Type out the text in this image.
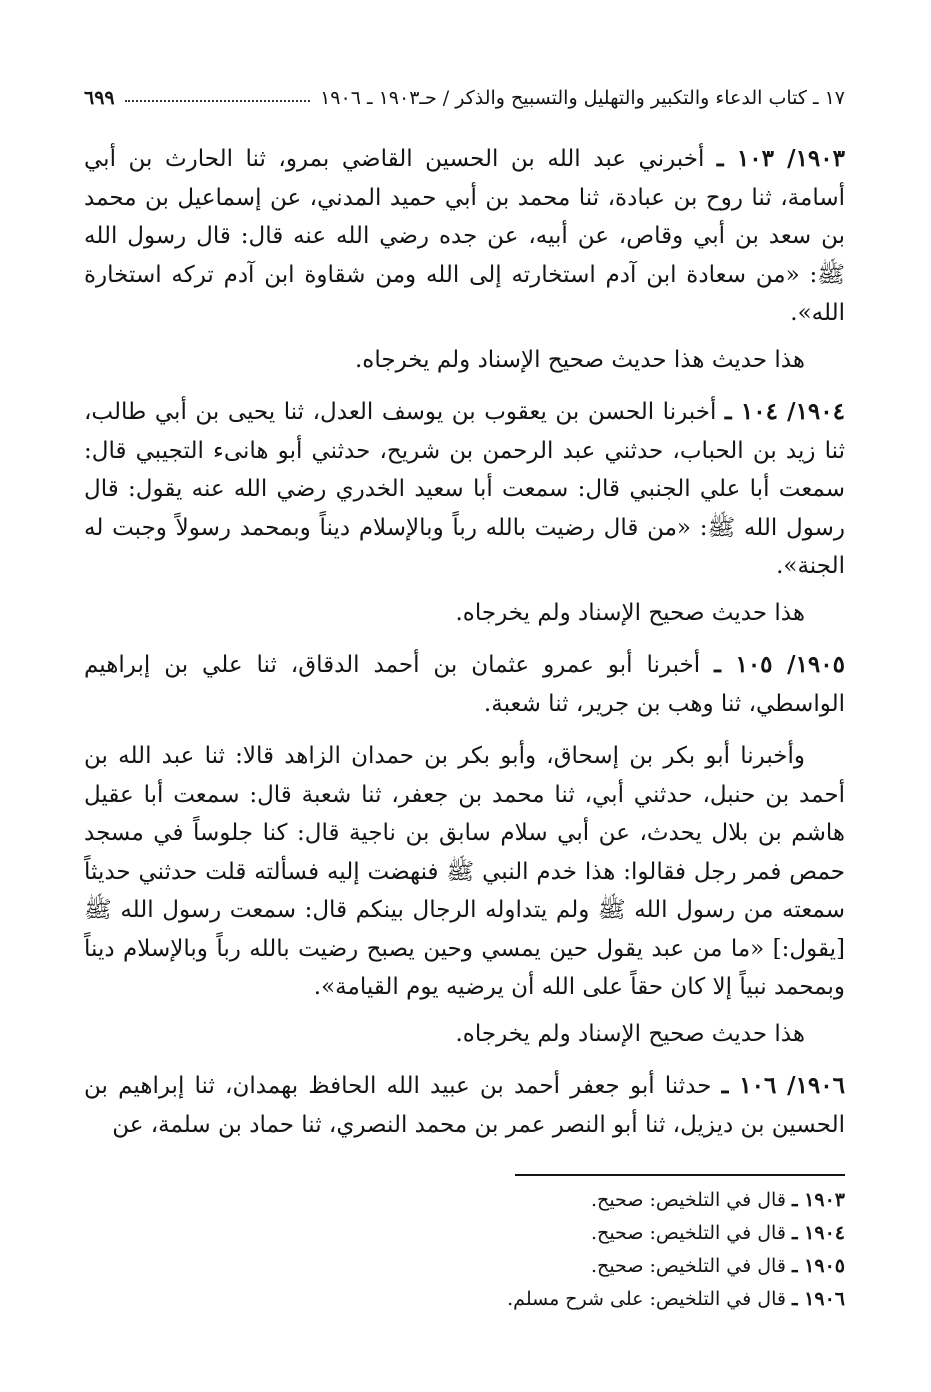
١٧ ـ كتاب الدعاء والتكبير والتهليل والتسبيح والذكر / حـ١٩٠٣ ـ ١٩٠٦
٦٩٩

١٩٠٣/ ١٠٣ ـ أخبرني عبد الله بن الحسين القاضي بمرو، ثنا الحارث بن أبي أسامة، ثنا روح بن عبادة، ثنا محمد بن أبي حميد المدني، عن إسماعيل بن محمد بن سعد بن أبي وقاص، عن أبيه، عن جده رضي الله عنه قال: قال رسول الله ﷺ: «من سعادة ابن آدم استخارته إلى الله ومن شقاوة ابن آدم تركه استخارة الله».

هذا حديث هذا حديث صحيح الإسناد ولم يخرجاه.

١٩٠٤/ ١٠٤ ـ أخبرنا الحسن بن يعقوب بن يوسف العدل، ثنا يحيى بن أبي طالب، ثنا زيد بن الحباب، حدثني عبد الرحمن بن شريح، حدثني أبو هانىء التجيبي قال: سمعت أبا علي الجنبي قال: سمعت أبا سعيد الخدري رضي الله عنه يقول: قال رسول الله ﷺ: «من قال رضيت بالله رباً وبالإسلام ديناً وبمحمد رسولاً وجبت له الجنة».

هذا حديث صحيح الإسناد ولم يخرجاه.

١٩٠٥/ ١٠٥ ـ أخبرنا أبو عمرو عثمان بن أحمد الدقاق، ثنا علي بن إبراهيم الواسطي، ثنا وهب بن جرير، ثنا شعبة.

وأخبرنا أبو بكر بن إسحاق، وأبو بكر بن حمدان الزاهد قالا: ثنا عبد الله بن أحمد بن حنبل، حدثني أبي، ثنا محمد بن جعفر، ثنا شعبة قال: سمعت أبا عقيل هاشم بن بلال يحدث، عن أبي سلام سابق بن ناجية قال: كنا جلوساً في مسجد حمص فمر رجل فقالوا: هذا خدم النبي ﷺ فنهضت إليه فسألته قلت حدثني حديثاً سمعته من رسول الله ﷺ ولم يتداوله الرجال بينكم قال: سمعت رسول الله ﷺ [يقول:] «ما من عبد يقول حين يمسي وحين يصبح رضيت بالله رباً وبالإسلام ديناً وبمحمد نبياً إلا كان حقاً على الله أن يرضيه يوم القيامة».

هذا حديث صحيح الإسناد ولم يخرجاه.

١٩٠٦/ ١٠٦ ـ حدثنا أبو جعفر أحمد بن عبيد الله الحافظ بهمدان، ثنا إبراهيم بن الحسين بن ديزيل، ثنا أبو النصر عمر بن محمد النصري، ثنا حماد بن سلمة، عن

١٩٠٣ ـ قال في التلخيص: صحيح.

١٩٠٤ ـ قال في التلخيص: صحيح.

١٩٠٥ ـ قال في التلخيص: صحيح.

١٩٠٦ ـ قال في التلخيص: على شرح مسلم.
